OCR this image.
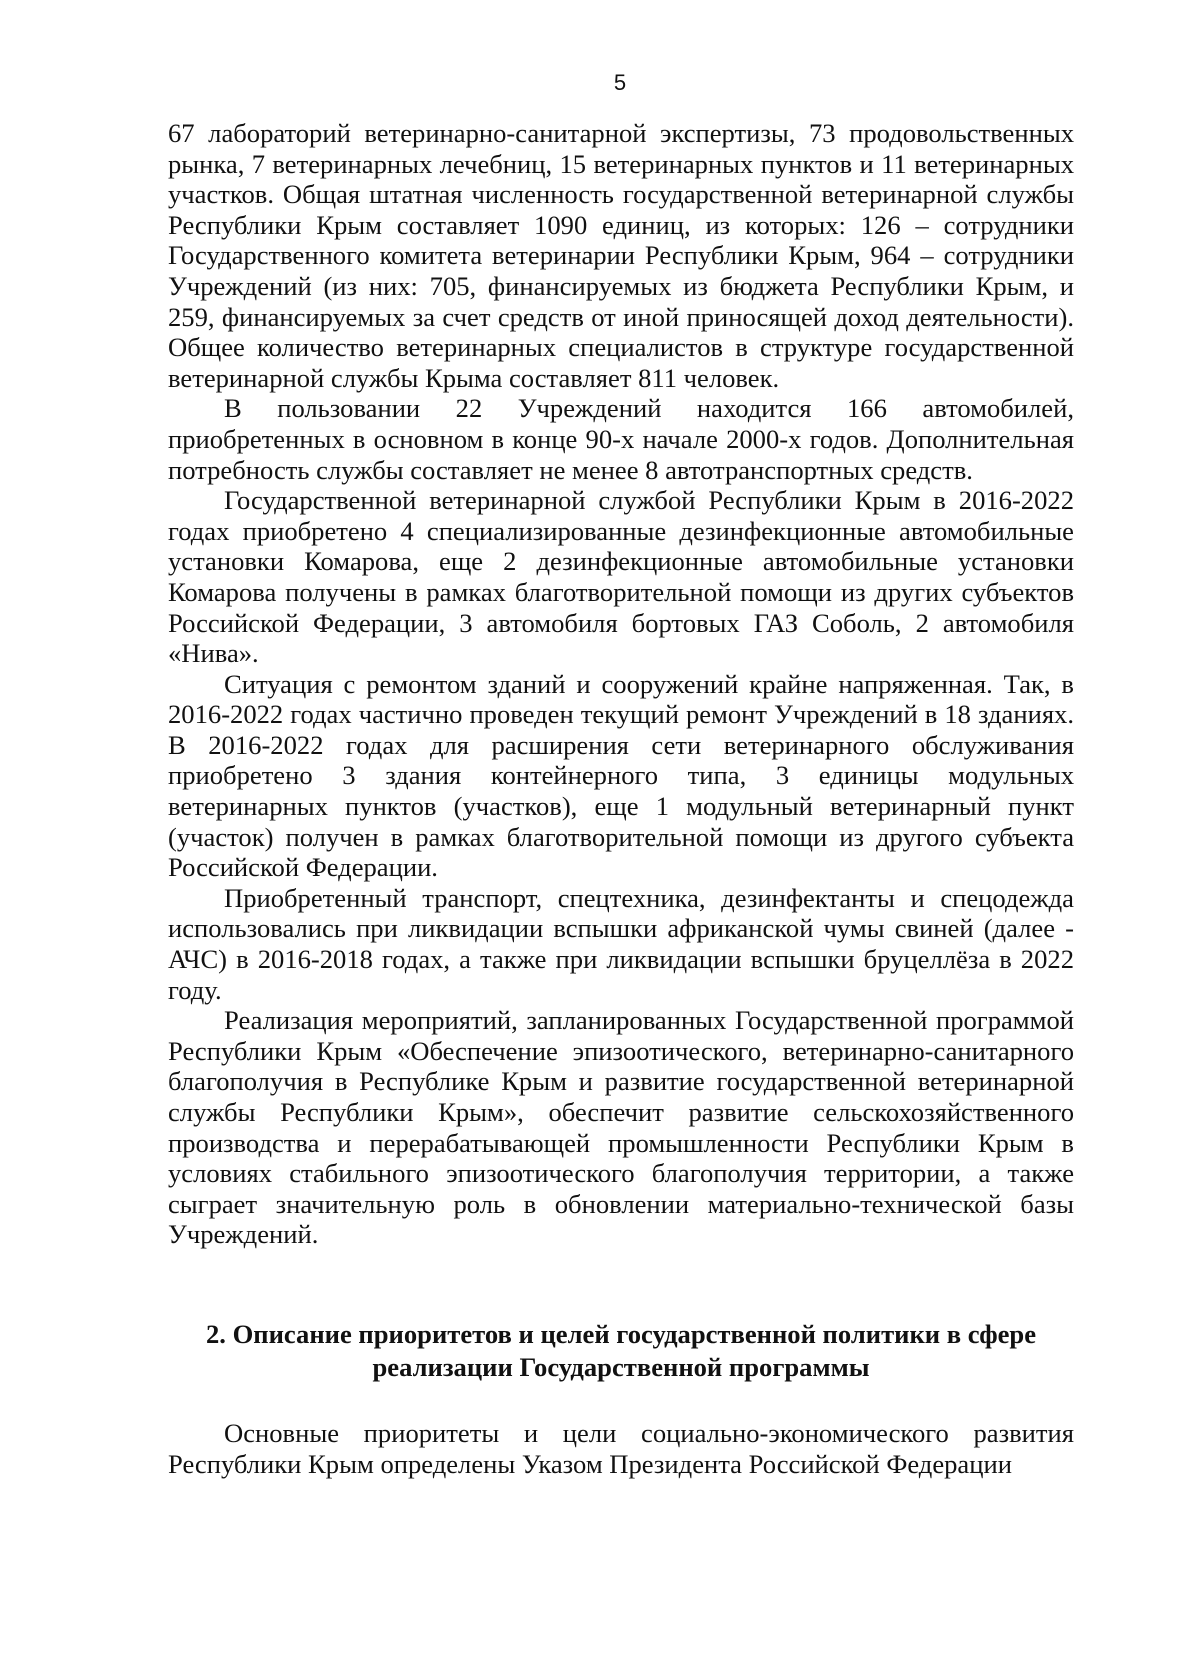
5

67 лабораторий ветеринарно-санитарной экспертизы, 73 продовольственных рынка, 7 ветеринарных лечебниц, 15 ветеринарных пунктов и 11 ветеринарных участков. Общая штатная численность государственной ветеринарной службы Республики Крым составляет 1090 единиц, из которых: 126 – сотрудники Государственного комитета ветеринарии Республики Крым, 964 – сотрудники Учреждений (из них: 705, финансируемых из бюджета Республики Крым, и 259, финансируемых за счет средств от иной приносящей доход деятельности). Общее количество ветеринарных специалистов в структуре государственной ветеринарной службы Крыма составляет 811 человек.

В пользовании 22 Учреждений находится 166 автомобилей, приобретенных в основном в конце 90-х начале 2000-х годов. Дополнительная потребность службы составляет не менее 8 автотранспортных средств.

Государственной ветеринарной службой Республики Крым в 2016-2022 годах приобретено 4 специализированные дезинфекционные автомобильные установки Комарова, еще 2 дезинфекционные автомобильные установки Комарова получены в рамках благотворительной помощи из других субъектов Российской Федерации, 3 автомобиля бортовых ГАЗ Соболь, 2 автомобиля «Нива».

Ситуация с ремонтом зданий и сооружений крайне напряженная. Так, в 2016-2022 годах частично проведен текущий ремонт Учреждений в 18 зданиях. В 2016-2022 годах для расширения сети ветеринарного обслуживания приобретено 3 здания контейнерного типа, 3 единицы модульных ветеринарных пунктов (участков), еще 1 модульный ветеринарный пункт (участок) получен в рамках благотворительной помощи из другого субъекта Российской Федерации.

Приобретенный транспорт, спецтехника, дезинфектанты и спецодежда использовались при ликвидации вспышки африканской чумы свиней (далее - АЧС) в 2016-2018 годах, а также при ликвидации вспышки бруцеллёза в 2022 году.

Реализация мероприятий, запланированных Государственной программой Республики Крым «Обеспечение эпизоотического, ветеринарно-санитарного благополучия в Республике Крым и развитие государственной ветеринарной службы Республики Крым», обеспечит развитие сельскохозяйственного производства и перерабатывающей промышленности Республики Крым в условиях стабильного эпизоотического благополучия территории, а также сыграет значительную роль в обновлении материально-технической базы Учреждений.

2. Описание приоритетов и целей государственной политики в сфере реализации Государственной программы

Основные приоритеты и цели социально-экономического развития Республики Крым определены Указом Президента Российской Федерации
